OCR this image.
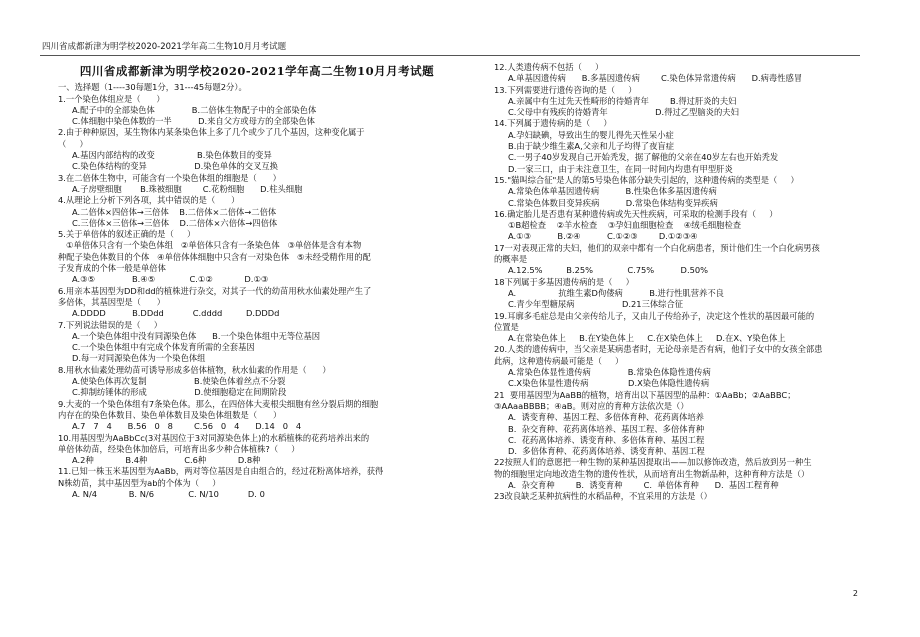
四川省成都新津为明学校2020-2021学年高二生物10月月考试题
四川省成都新津为明学校2020-2021学年高二生物10月月考试题
一、选择题（1----30每题1分，31---45每题2分）。
1.一个染色体组应是（      ）
A.配子中的全部染色体              B.二倍体生物配子中的全部染色体
C.体细胞中染色体数的一半          D.来自父方或母方的全部染色体
2.由于种种原因，某生物体内某条染色体上多了几个或少了几个基因，这种变化属于
（     ）
A.基因内部结构的改变                B.染色体数目的变异
C.染色体结构的变异                  D.染色单体的交叉互换
3.在二倍体生物中，可能含有一个染色体组的细胞是（      ）
A.子房壁细胞       B.珠被细胞        C.花粉细胞      D.柱头细胞
4.从理论上分析下列各项，其中错误的是（      ）
A.二倍体×四倍体→三倍体    B.二倍体×二倍体→二倍体
C.三倍体×三倍体→三倍体    D.二倍体×六倍体→四倍体
5.关于单倍体的叙述正确的是（     ）
①单倍体只含有一个染色体组   ②单倍体只含有一条染色体   ③单倍体是含有本物
种配子染色体数目的个体   ④单倍体体细胞中只含有一对染色体   ⑤未经受精作用的配
子发育成的个体一般是单倍体
A.③⑤              B.④⑤             C.①②            D.①③
6.用亲本基因型为DD和dd的植株进行杂交，对其子一代的幼苗用秋水仙素处理产生了
多倍体，其基因型是（      ）
A.DDDD          B.DDdd           C.dddd         D.DDDd
7.下列说法错误的是（     ）
A.一个染色体组中没有同源染色体      B.一个染色体组中无等位基因
C.一个染色体组中有完成个体发育所需的全套基因
D.每一对同源染色体为一个染色体组
8.用秋水仙素处理幼苗可诱导形成多倍体植物，秋水仙素的作用是（      ）
A.使染色体再次复制                  B.使染色体着丝点不分裂
C.抑制纺锤体的形成                  D.使细胞稳定在间期阶段
9.大麦的一个染色体组有7条染色体。那么，在四倍体大麦根尖细胞有丝分裂后期的细胞
内存在的染色体数目、染色单体数目及染色体组数是（      ）
A.7   7   4      B.56   0   8        C.56   0   4      D.14   0   4
10.用基因型为AaBbCc(3对基因位于3对同源染色体上)的水稻植株的花药培养出来的
单倍体幼苗，经染色体加倍后，可培育出多少种合体植株?（     ）
A.2种            B.4种              C.6种            D.8种
11.已知一株玉米基因型为AaBb，两对等位基因是自由组合的，经过花粉离体培养，获得
N株幼苗，其中基因型为ab的个体为（     ）
A. N/4            B. N/6             C. N/10           D. 0
12.人类遗传病不包括（     ）
A.单基因遗传病      B.多基因遗传病        C.染色体异常遗传病      D.病毒性感冒
13.下列需要进行遗传咨询的是（     ）
A.亲属中有生过先天性畸形的待婚青年        B.得过肝炎的夫妇
C.父母中有残疾的待婚青年                  D.得过乙型脑炎的夫妇
14.下列属于遗传病的是（     ）
A.孕妇缺碘，导致出生的婴儿得先天性呆小症
B.由于缺少维生素A,父亲和儿子均得了夜盲症
C.一男子40岁发现自己开始秃发，据了解他的父亲在40岁左右也开始秃发
D.一家三口，由于未注意卫生，在同一时间内均患有甲型肝炎
15."猫叫综合征"是人的第5号染色体部分缺失引起的，这种遗传病的类型是（     ）
A.常染色体单基因遗传病          B.性染色体多基因遗传病
C.常染色体数目变异疾病          D.常染色体结构变异疾病
16.确定胎儿是否患有某种遗传病或先天性疾病，可采取的检测手段有（     ）
①B超检查    ②羊水检查    ③孕妇血细胞检查    ④绒毛细胞检查
A.①③          B.②④          C.①②③        D.①②③④
17一对表现正常的夫妇，他们的双亲中都有一个白化病患者，预计他们生一个白化病男孩
的概率是
A.12.5%         B.25%             C.75%          D.50%
18下列属于多基因遗传病的是（     ）
A.                抗维生素D佝偻病          B.进行性肌营养不良
C.青少年型糖尿病                  D.21三体综合征
19.耳廓多毛症总是由父亲传给儿子，又由儿子传给孙子，决定这个性状的基因最可能的
位置是
A.在常染色体上     B.在Y染色体上     C.在X染色体上     D.在X、Y染色体上
20.人类的遗传病中，当父亲是某病患者时，无论母亲是否有病，他们子女中的女孩全部患
此病，这种遗传病最可能是（     ）
A.常染色体显性遗传病              B.常染色体隐性遗传病
C.X染色体显性遗传病               D.X染色体隐性遗传病
21  要用基因型为AaBB的植物，培育出以下基因型的品种：①AaBb；②AaBBC；
③AAaaBBBB；④aB。则对应的育种方法依次是（）
A.  诱变育种、基因工程、多倍体育种、花药离体培养
B.  杂交育种、花药离体培养、基因工程、多倍体育种
C.  花药离体培养、诱变育种、多倍体育种、基因工程
D.  多倍体育种、花药离体培养、诱变育种、基因工程
22按照人们的意愿把一种生物的某种基因提取出——加以修饰改造，然后放到另一种生
物的细胞里定向地改造生物的遗传性状，从而培育出生物新品种，这种育种方法是（）
A.  杂交育种        B.  诱变育种        C.  单倍体育种      D.  基因工程育种
23改良缺乏某种抗病性的水稻品种，不宜采用的方法是（）
2
